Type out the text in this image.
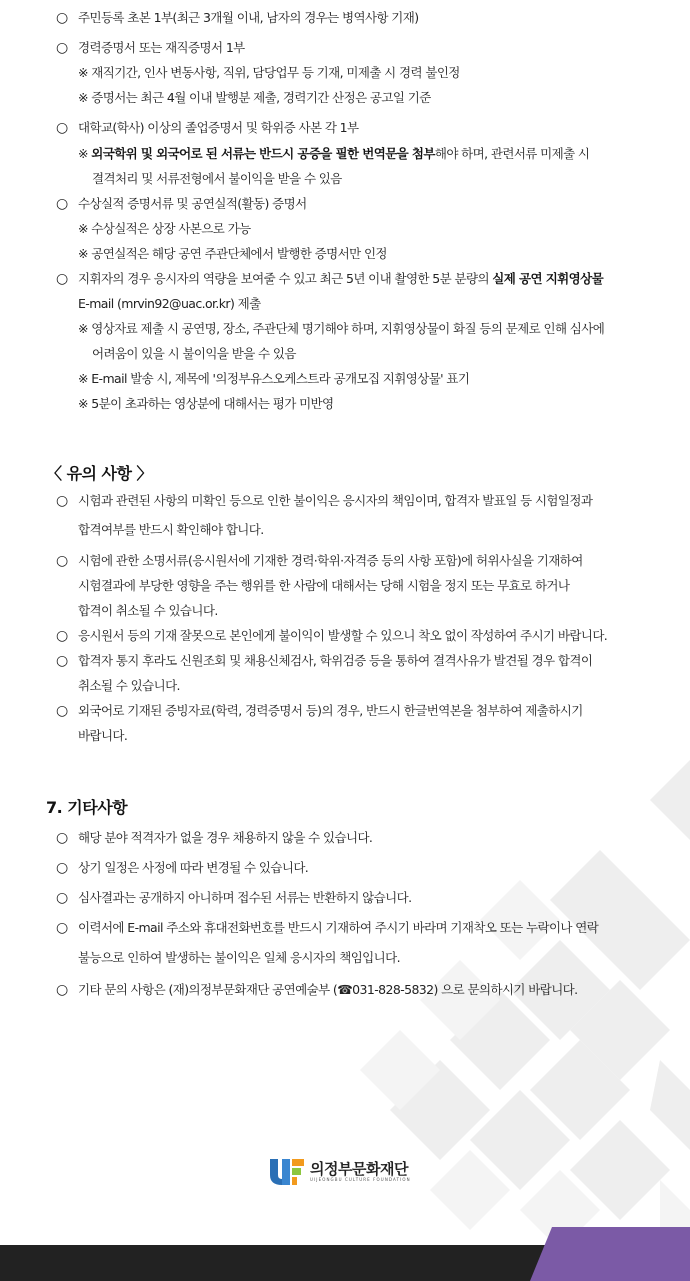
○ 주민등록 초본 1부(최근 3개월 이내, 남자의 경우는 병역사항 기재)
○ 경력증명서 또는 재직증명서 1부
※ 재직기간, 인사 변동사항, 직위, 담당업무 등 기재, 미제출 시 경력 불인정
※ 증명서는 최근 4월 이내 발행분 제출, 경력기간 산정은 공고일 기준
○ 대학교(학사) 이상의 졸업증명서 및 학위증 사본 각 1부
※ 외국학위 및 외국어로 된 서류는 반드시 공증을 필한 번역문을 첨부해야 하며, 관련서류 미제출 시
결격처리 및 서류전형에서 불이익을 받을 수 있음
○ 수상실적 증명서류 및 공연실적(활동) 증명서
※ 수상실적은 상장 사본으로 가능
※ 공연실적은 해당 공연 주관단체에서 발행한 증명서만 인정
○ 지휘자의 경우 응시자의 역량을 보여줄 수 있고 최근 5년 이내 촬영한 5분 분량의 실제 공연 지휘영상물
E-mail (mrvin92@uac.or.kr) 제출
※ 영상자료 제출 시 공연명, 장소, 주관단체 명기해야 하며, 지휘영상물이 화질 등의 문제로 인해 심사에
어려움이 있을 시 불이익을 받을 수 있음
※ E-mail 발송 시, 제목에 '의정부유스오케스트라 공개모집 지휘영상물' 표기
※ 5분이 초과하는 영상분에 대해서는 평가 미반영
〈 유의 사항 〉
○ 시험과 관련된 사항의 미확인 등으로 인한 불이익은 응시자의 책임이며, 합격자 발표일 등 시험일정과
합격여부를 반드시 확인해야 합니다.
○ 시험에 관한 소명서류(응시원서에 기재한 경력·학위·자격증 등의 사항 포함)에 허위사실을 기재하여
시험결과에 부당한 영향을 주는 행위를 한 사람에 대해서는 당해 시험을 정지 또는 무효로 하거나
합격이 취소될 수 있습니다.
○ 응시원서 등의 기재 잘못으로 본인에게 불이익이 발생할 수 있으니 착오 없이 작성하여 주시기 바랍니다.
○ 합격자 통지 후라도 신원조회 및 채용신체검사, 학위검증 등을 통하여 결격사유가 발견될 경우 합격이
취소될 수 있습니다.
○ 외국어로 기재된 증빙자료(학력, 경력증명서 등)의 경우, 반드시 한글번역본을 첨부하여 제출하시기
바랍니다.
7. 기타사항
○ 해당 분야 적격자가 없을 경우 채용하지 않을 수 있습니다.
○ 상기 일정은 사정에 따라 변경될 수 있습니다.
○ 심사결과는 공개하지 아니하며 접수된 서류는 반환하지 않습니다.
○ 이력서에 E-mail 주소와 휴대전화번호를 반드시 기재하여 주시기 바라며 기재착오 또는 누락이나 연락
불능으로 인하여 발생하는 불이익은 일체 응시자의 책임입니다.
○ 기타 문의 사항은 (재)의정부문화재단 공연예술부 (☎031-828-5832) 으로 문의하시기 바랍니다.
의정부문화재단
UIJEONGBU CULTURE FOUNDATION
